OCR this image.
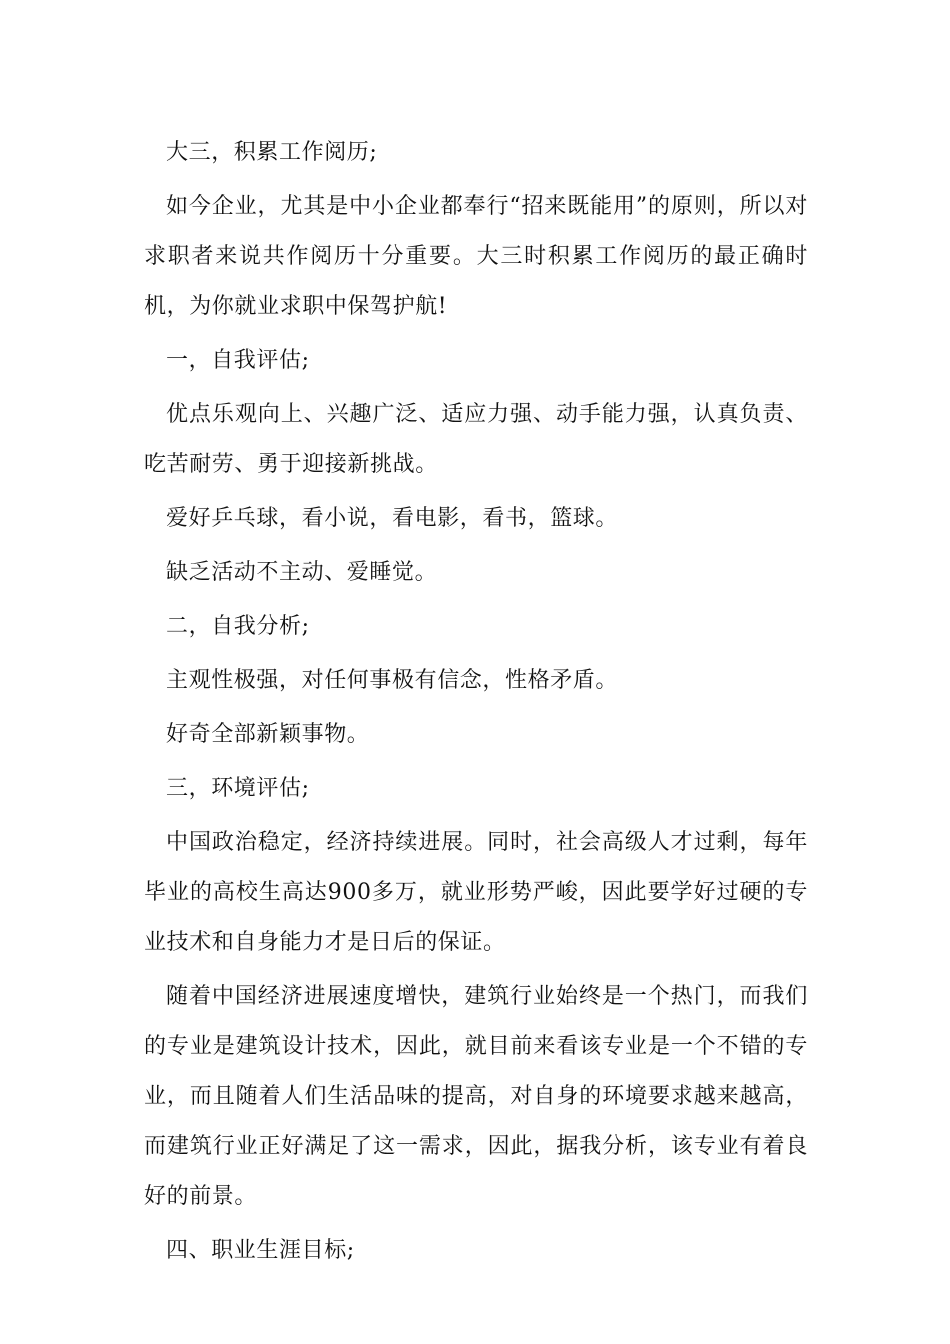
大三，积累工作阅历;

如今企业，尤其是中小企业都奉行“招来既能用”的原则，所以对求职者来说共作阅历十分重要。大三时积累工作阅历的最正确时机，为你就业求职中保驾护航!

一，自我评估;

优点乐观向上、兴趣广泛、适应力强、动手能力强，认真负责、吃苦耐劳、勇于迎接新挑战。

爱好乒乓球，看小说，看电影，看书，篮球。

缺乏活动不主动、爱睡觉。

二，自我分析;

主观性极强，对任何事极有信念，性格矛盾。

好奇全部新颖事物。

三，环境评估;

中国政治稳定，经济持续进展。同时，社会高级人才过剩，每年毕业的高校生高达900多万，就业形势严峻，因此要学好过硬的专业技术和自身能力才是日后的保证。

随着中国经济进展速度增快，建筑行业始终是一个热门，而我们的专业是建筑设计技术，因此，就目前来看该专业是一个不错的专业，而且随着人们生活品味的提高，对自身的环境要求越来越高，而建筑行业正好满足了这一需求，因此，据我分析，该专业有着良好的前景。

四、职业生涯目标;
